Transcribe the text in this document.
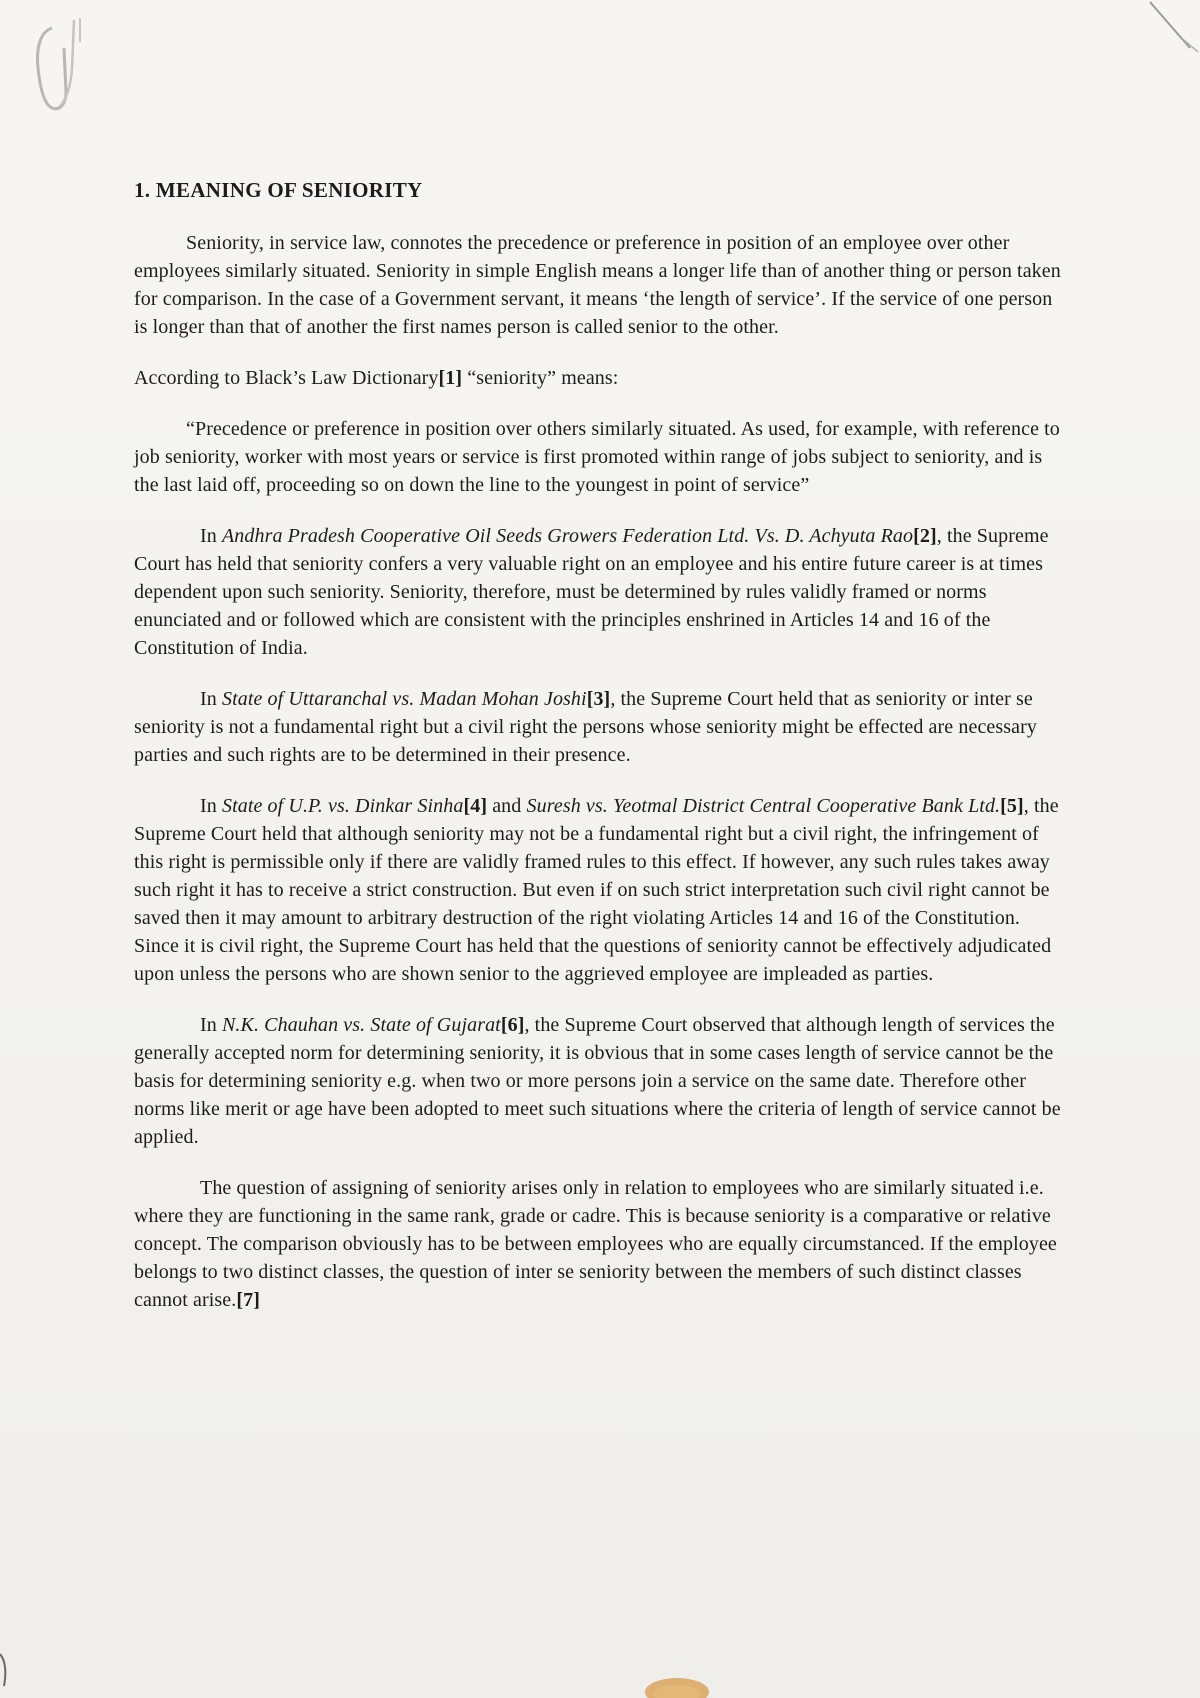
1. MEANING OF SENIORITY

Seniority, in service law, connotes the precedence or preference in position of an employee over other employees similarly situated. Seniority in simple English means a longer life than of another thing or person taken for comparison. In the case of a Government servant, it means ‘the length of service’. If the service of one person is longer than that of another the first names person is called senior to the other.

According to Black’s Law Dictionary[1] “seniority” means:

“Precedence or preference in position over others similarly situated. As used, for example, with reference to job seniority, worker with most years or service is first promoted within range of jobs subject to seniority, and is the last laid off, proceeding so on down the line to the youngest in point of service”

In Andhra Pradesh Cooperative Oil Seeds Growers Federation Ltd. Vs. D. Achyuta Rao[2], the Supreme Court has held that seniority confers a very valuable right on an employee and his entire future career is at times dependent upon such seniority. Seniority, therefore, must be determined by rules validly framed or norms enunciated and or followed which are consistent with the principles enshrined in Articles 14 and 16 of the Constitution of India.

In State of Uttaranchal vs. Madan Mohan Joshi[3], the Supreme Court held that as seniority or inter se seniority is not a fundamental right but a civil right the persons whose seniority might be effected are necessary parties and such rights are to be determined in their presence.

In State of U.P. vs. Dinkar Sinha[4] and Suresh vs. Yeotmal District Central Cooperative Bank Ltd.[5], the Supreme Court held that although seniority may not be a fundamental right but a civil right, the infringement of this right is permissible only if there are validly framed rules to this effect. If however, any such rules takes away such right it has to receive a strict construction. But even if on such strict interpretation such civil right cannot be saved then it may amount to arbitrary destruction of the right violating Articles 14 and 16 of the Constitution. Since it is civil right, the Supreme Court has held that the questions of seniority cannot be effectively adjudicated upon unless the persons who are shown senior to the aggrieved employee are impleaded as parties.

In N.K. Chauhan vs. State of Gujarat[6], the Supreme Court observed that although length of services the generally accepted norm for determining seniority, it is obvious that in some cases length of service cannot be the basis for determining seniority e.g. when two or more persons join a service on the same date. Therefore other norms like merit or age have been adopted to meet such situations where the criteria of length of service cannot be applied.

The question of assigning of seniority arises only in relation to employees who are similarly situated i.e. where they are functioning in the same rank, grade or cadre. This is because seniority is a comparative or relative concept. The comparison obviously has to be between employees who are equally circumstanced. If the employee belongs to two distinct classes, the question of inter se seniority between the members of such distinct classes cannot arise.[7]
